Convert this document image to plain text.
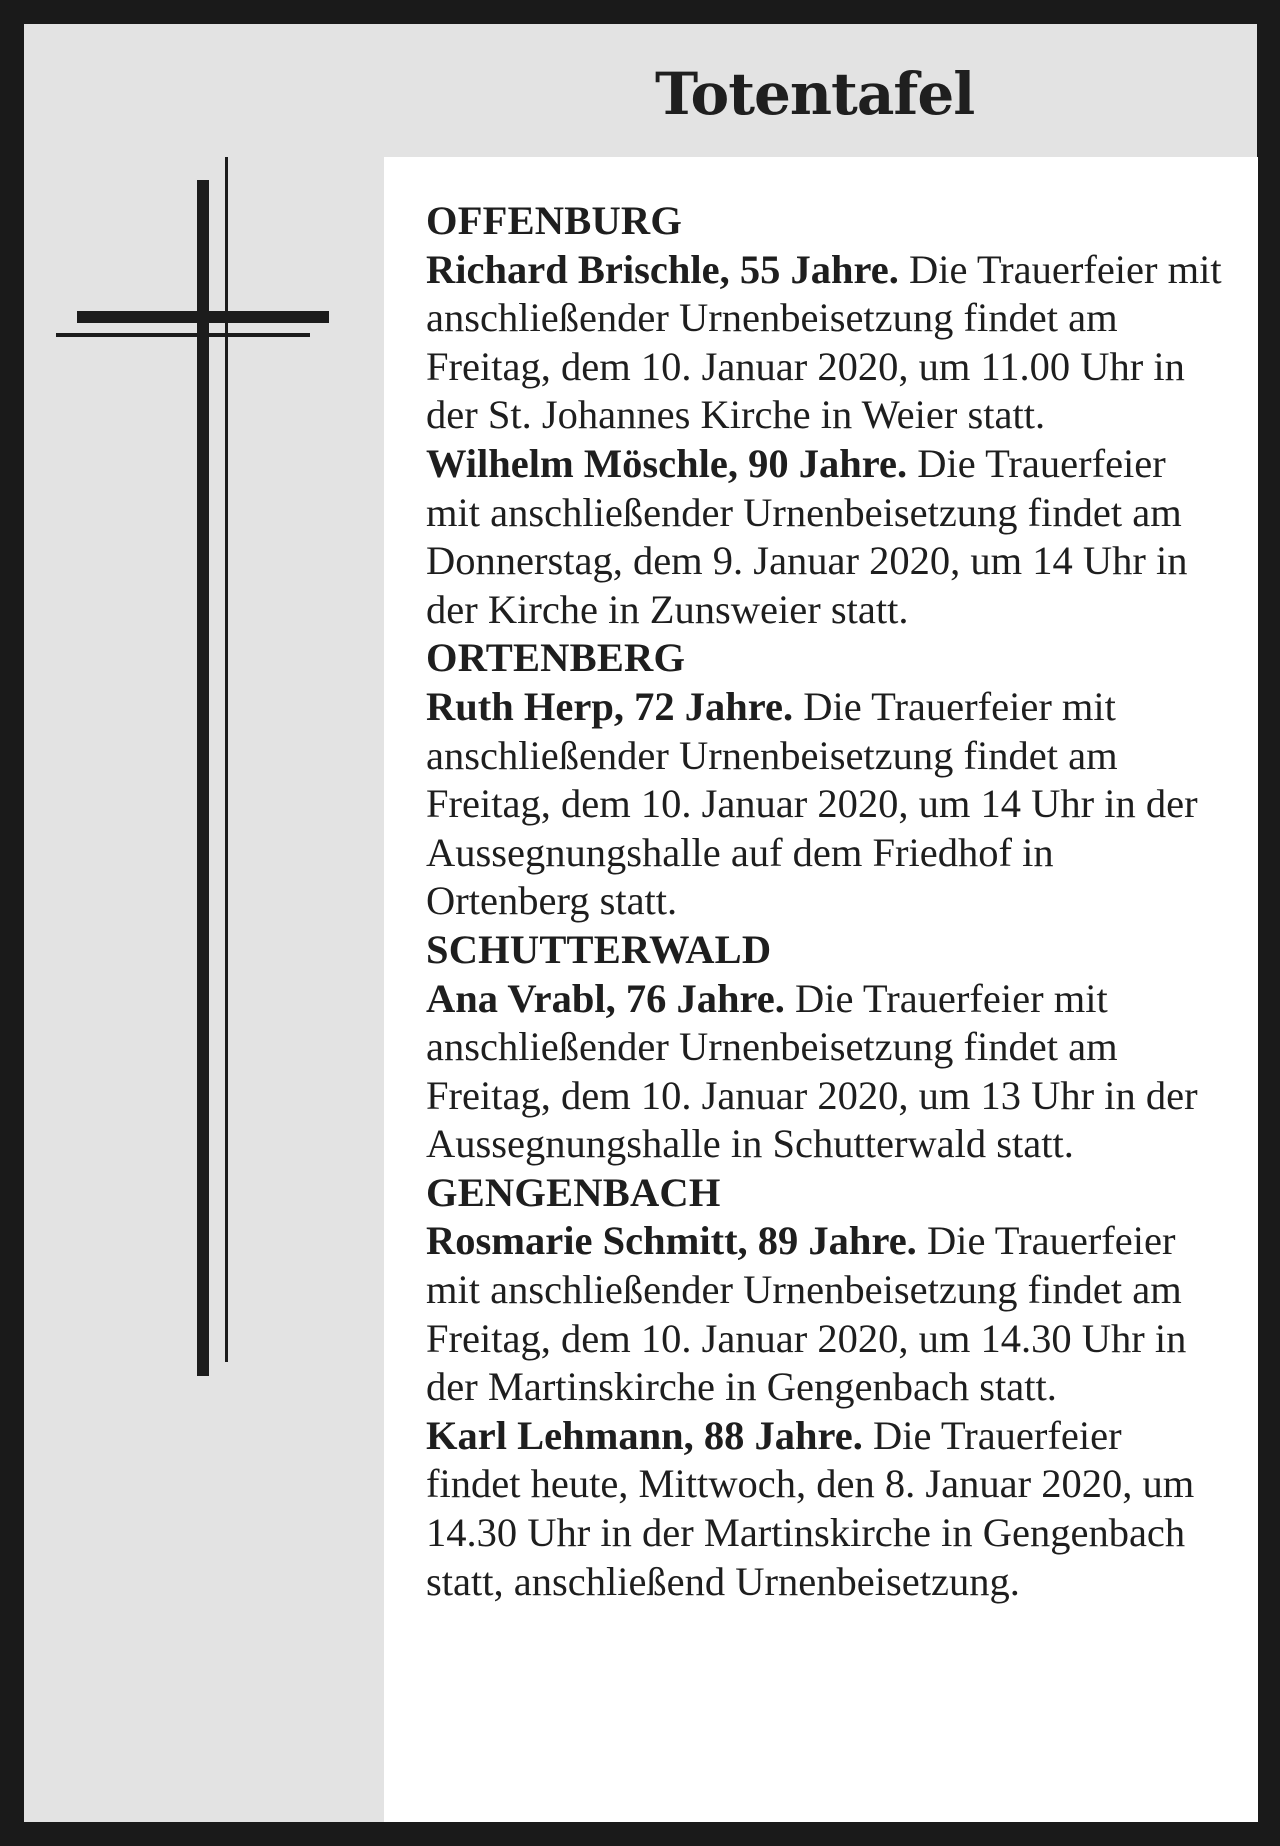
Totentafel

OFFENBURG

Richard Brischle, 55 Jahre. Die Trauerfeier mit anschließender Urnenbeisetzung findet am Freitag, dem 10. Januar 2020, um 11.00 Uhr in der St. Johannes Kirche in Weier statt.

Wilhelm Möschle, 90 Jahre. Die Trauerfeier mit anschließender Urnenbeisetzung findet am Donnerstag, dem 9. Januar 2020, um 14 Uhr in der Kirche in Zunsweier statt.

ORTENBERG

Ruth Herp, 72 Jahre. Die Trauerfeier mit anschließender Urnenbeisetzung findet am Freitag, dem 10. Januar 2020, um 14 Uhr in der Aussegnungshalle auf dem Friedhof in Ortenberg statt.

SCHUTTERWALD

Ana Vrabl, 76 Jahre. Die Trauerfeier mit anschließender Urnenbeisetzung findet am Freitag, dem 10. Januar 2020, um 13 Uhr in der Aussegnungshalle in Schutterwald statt.

GENGENBACH

Rosmarie Schmitt, 89 Jahre. Die Trauerfeier mit anschließender Urnenbeisetzung findet am Freitag, dem 10. Januar 2020, um 14.30 Uhr in der Martinskirche in Gengenbach statt.

Karl Lehmann, 88 Jahre. Die Trauerfeier findet heute, Mittwoch, den 8. Januar 2020, um 14.30 Uhr in der Martinskirche in Gengenbach statt, anschließend Urnenbeisetzung.
